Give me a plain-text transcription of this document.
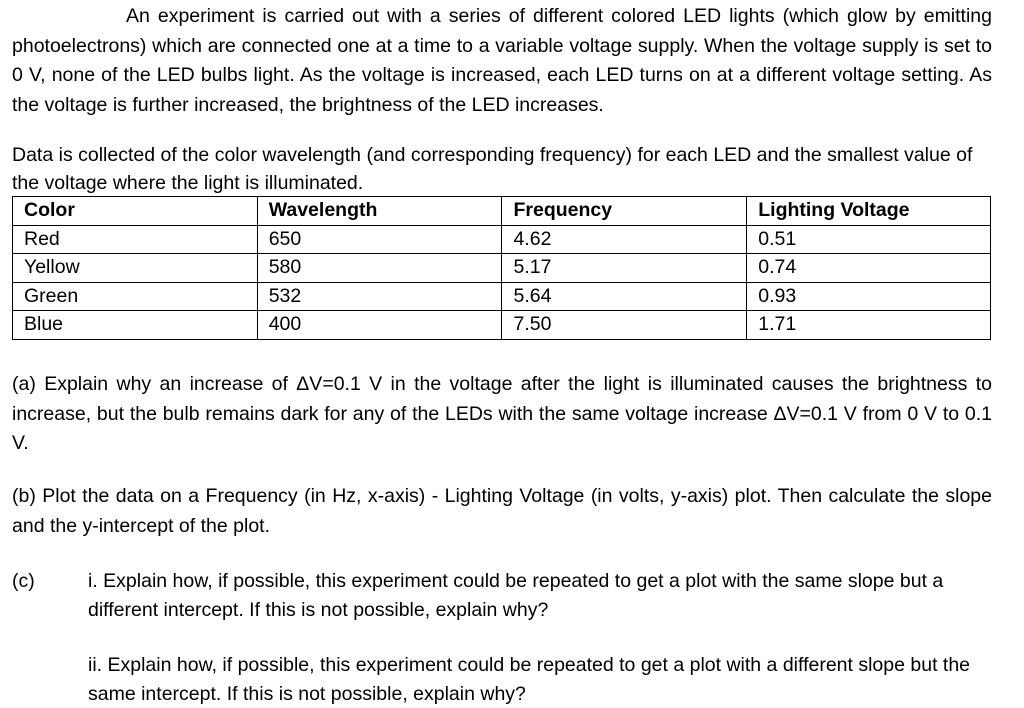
An experiment is carried out with a series of different colored LED lights (which glow by emitting photoelectrons) which are connected one at a time to a variable voltage supply. When the voltage supply is set to 0 V, none of the LED bulbs light. As the voltage is increased, each LED turns on at a different voltage setting. As the voltage is further increased, the brightness of the LED increases.

Data is collected of the color wavelength (and corresponding frequency) for each LED and the smallest value of the voltage where the light is illuminated.

Color	Wavelength	Frequency	Lighting Voltage
Red	650	4.62	0.51
Yellow	580	5.17	0.74
Green	532	5.64	0.93
Blue	400	7.50	1.71

(a) Explain why an increase of ΔV=0.1 V in the voltage after the light is illuminated causes the brightness to increase, but the bulb remains dark for any of the LEDs with the same voltage increase ΔV=0.1 V from 0 V to 0.1 V.

(b) Plot the data on a Frequency (in Hz, x-axis) - Lighting Voltage (in volts, y-axis) plot. Then calculate the slope and the y-intercept of the plot.

(c)	i. Explain how, if possible, this experiment could be repeated to get a plot with the same slope but a different intercept. If this is not possible, explain why?

ii. Explain how, if possible, this experiment could be repeated to get a plot with a different slope but the same intercept. If this is not possible, explain why?
